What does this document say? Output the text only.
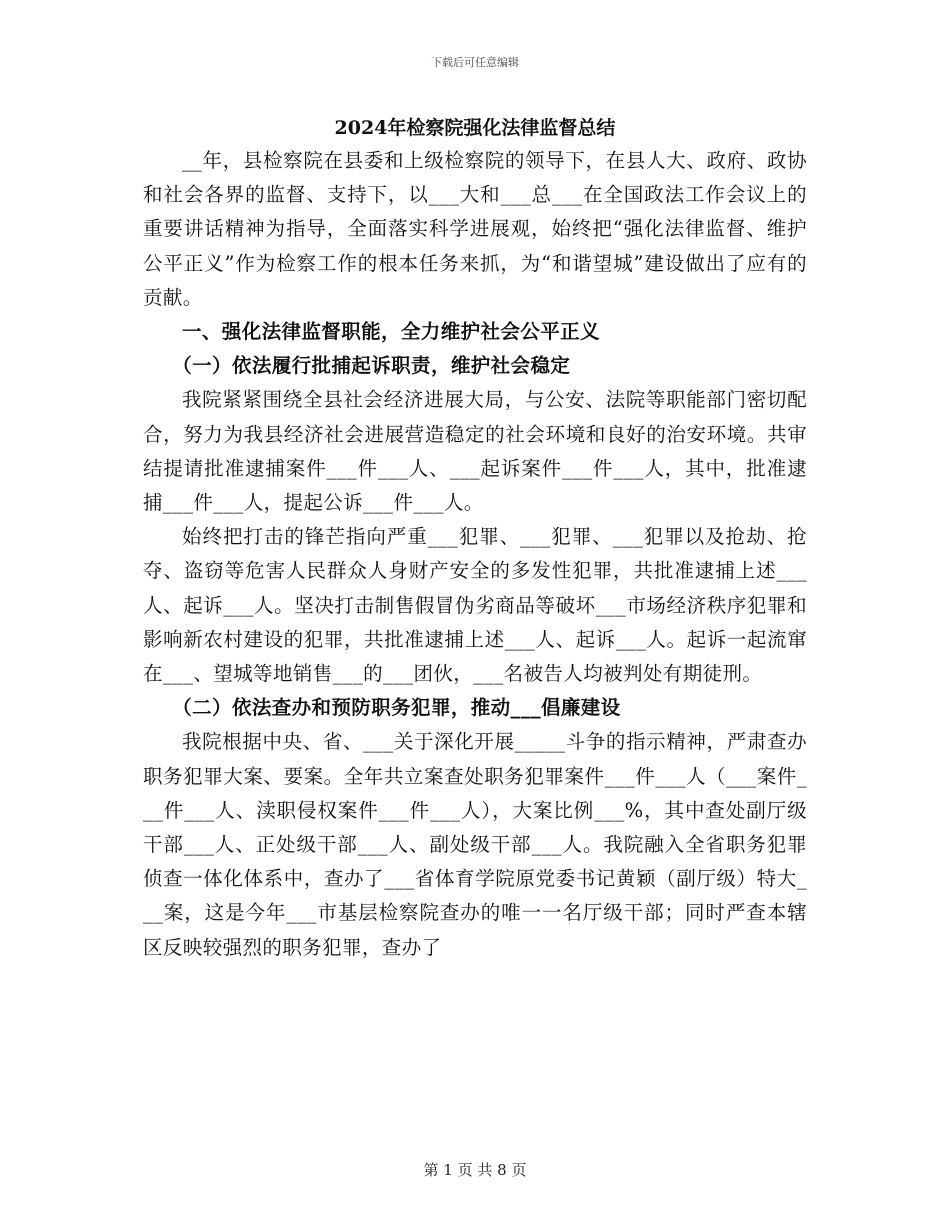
下载后可任意编辑

2024年检察院强化法律监督总结

__年，县检察院在县委和上级检察院的领导下，在县人大、政府、政协和社会各界的监督、支持下，以___大和___总___在全国政法工作会议上的重要讲话精神为指导，全面落实科学进展观，始终把“强化法律监督、维护公平正义”作为检察工作的根本任务来抓，为“和谐望城”建设做出了应有的贡献。

一、强化法律监督职能，全力维护社会公平正义

（一）依法履行批捕起诉职责，维护社会稳定

我院紧紧围绕全县社会经济进展大局，与公安、法院等职能部门密切配合，努力为我县经济社会进展营造稳定的社会环境和良好的治安环境。共审结提请批准逮捕案件___件___人、___起诉案件___件___人，其中，批准逮捕___件___人，提起公诉___件___人。

始终把打击的锋芒指向严重___犯罪、___犯罪、___犯罪以及抢劫、抢夺、盗窃等危害人民群众人身财产安全的多发性犯罪，共批准逮捕上述___人、起诉___人。坚决打击制售假冒伪劣商品等破坏___市场经济秩序犯罪和影响新农村建设的犯罪，共批准逮捕上述___人、起诉___人。起诉一起流窜在___、望城等地销售___的___团伙，___名被告人均被判处有期徒刑。

（二）依法查办和预防职务犯罪，推动___倡廉建设

我院根据中央、省、___关于深化开展_____斗争的指示精神，严肃查办职务犯罪大案、要案。全年共立案查处职务犯罪案件___件___人（___案件___件___人、渎职侵权案件___件___人），大案比例___%，其中查处副厅级干部___人、正处级干部___人、副处级干部___人。我院融入全省职务犯罪侦查一体化体系中，查办了___省体育学院原党委书记黄颖（副厅级）特大___案，这是今年___市基层检察院查办的唯一一名厅级干部；同时严查本辖区反映较强烈的职务犯罪，查办了

第 1 页 共 8 页
